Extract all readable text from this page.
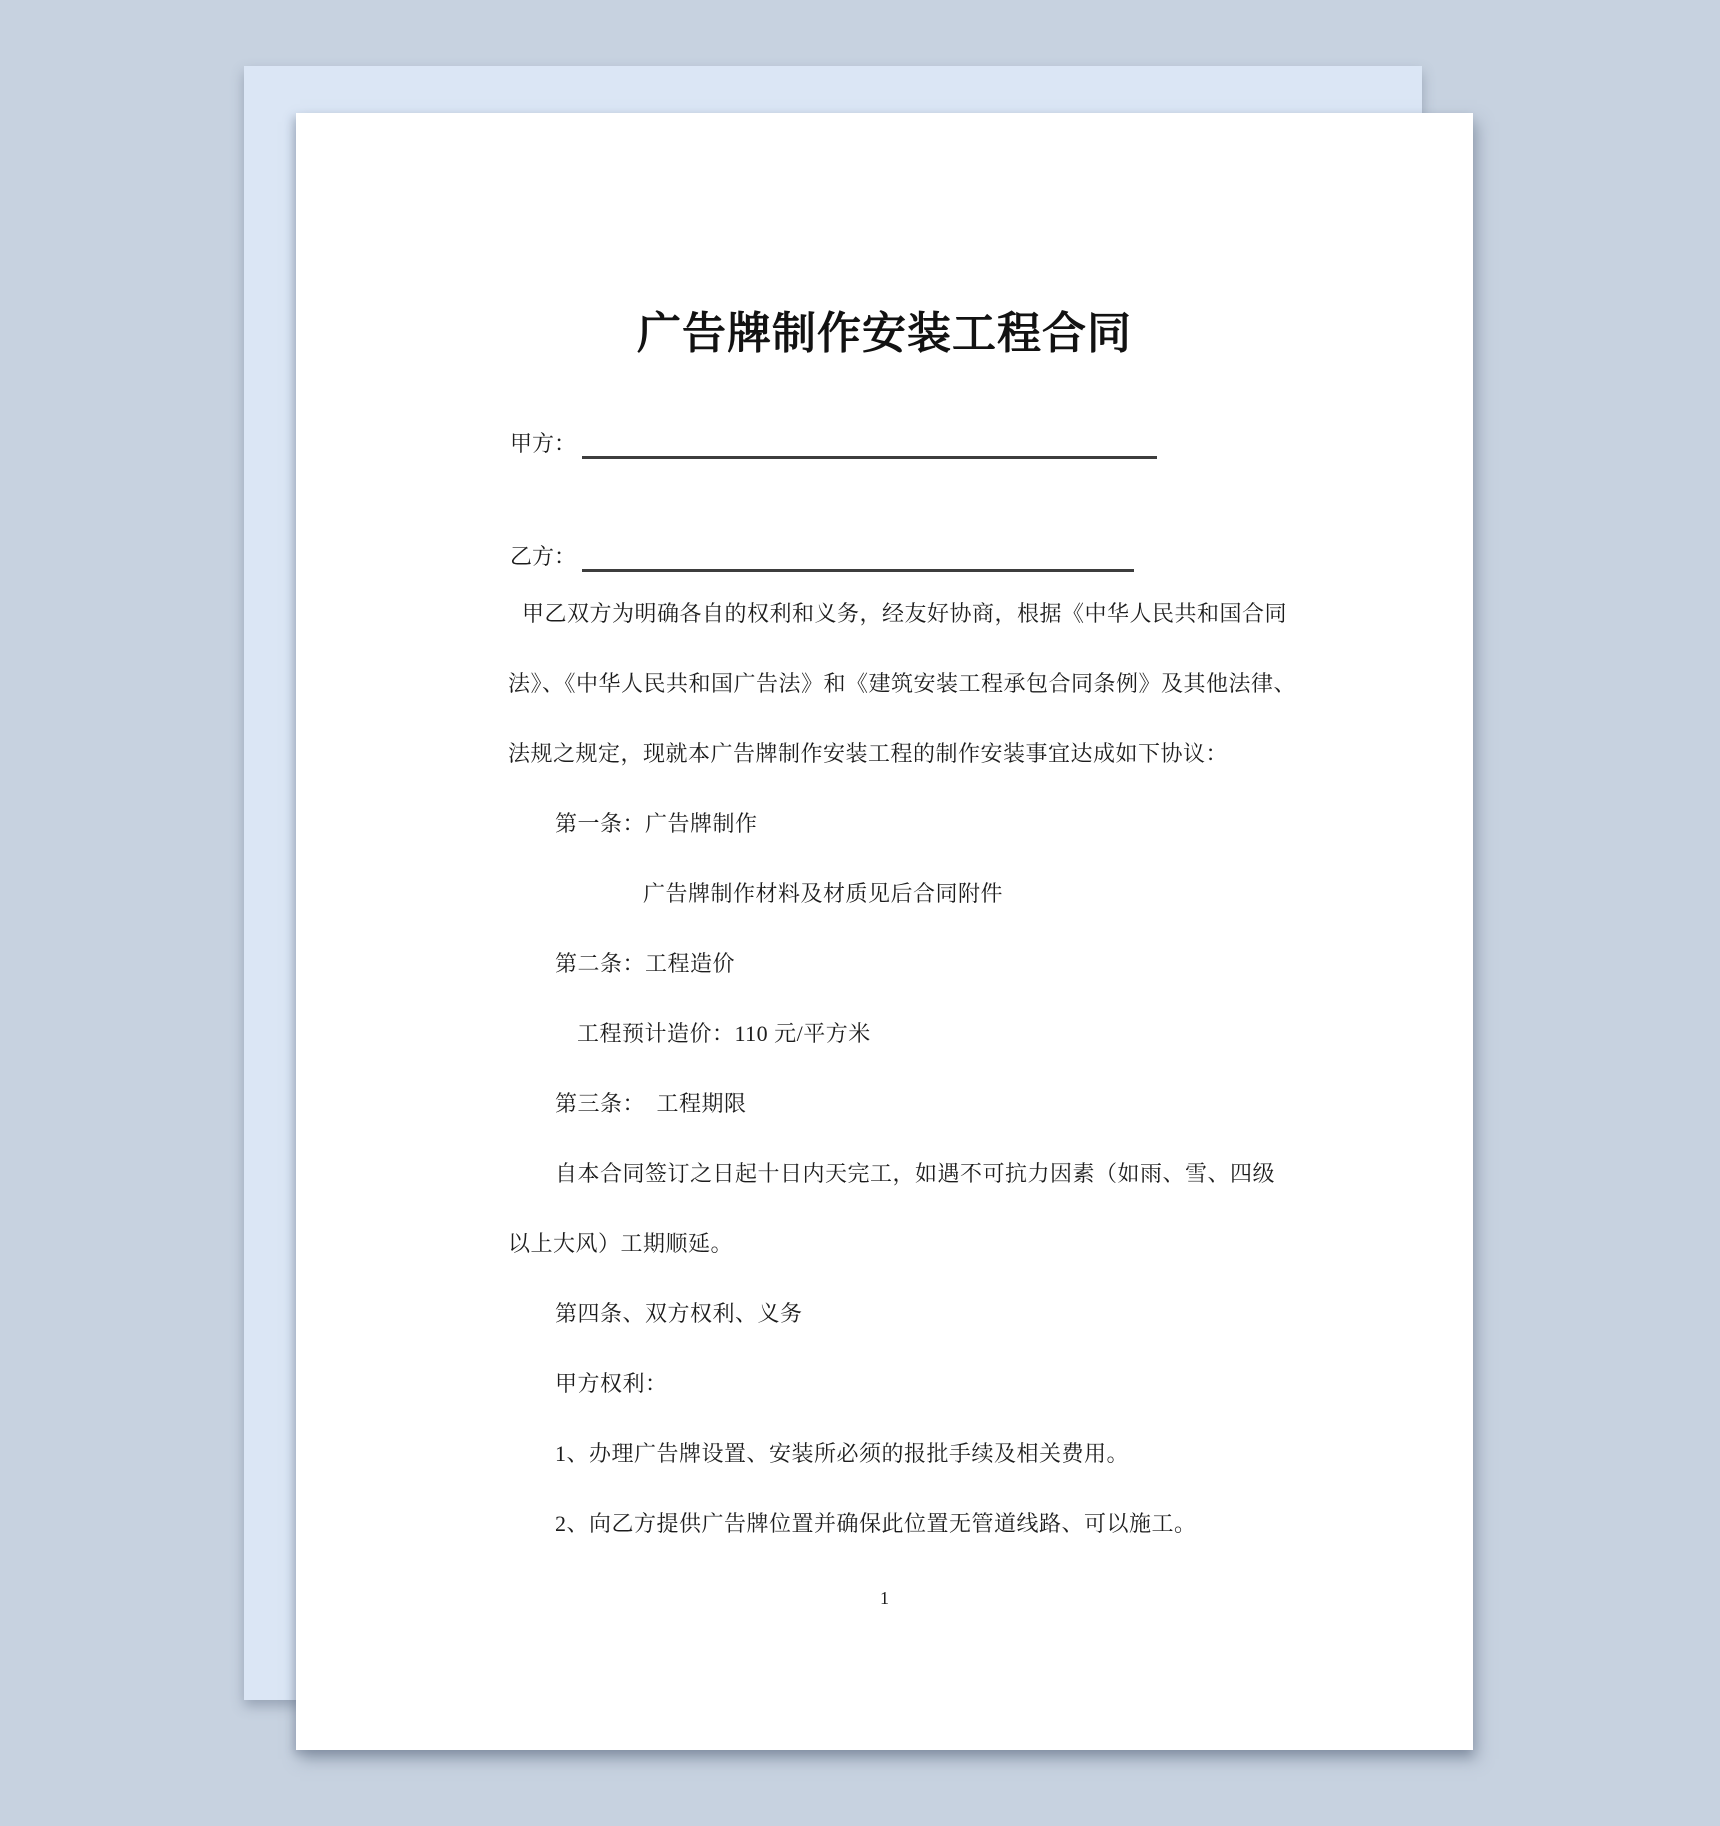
广告牌制作安装工程合同
甲方：
乙方：
甲乙双方为明确各自的权利和义务，经友好协商，根据《中华人民共和国合同
法》、《中华人民共和国广告法》和《建筑安装工程承包合同条例》及其他法律、
法规之规定，现就本广告牌制作安装工程的制作安装事宜达成如下协议：
第一条：广告牌制作
广告牌制作材料及材质见后合同附件
第二条：工程造价
工程预计造价：110 元/平方米
第三条：　工程期限
自本合同签订之日起十日内天完工，如遇不可抗力因素（如雨、雪、四级
以上大风）工期顺延。
第四条、双方权利、义务
甲方权利：
1、办理广告牌设置、安装所必须的报批手续及相关费用。
2、向乙方提供广告牌位置并确保此位置无管道线路、可以施工。
1
